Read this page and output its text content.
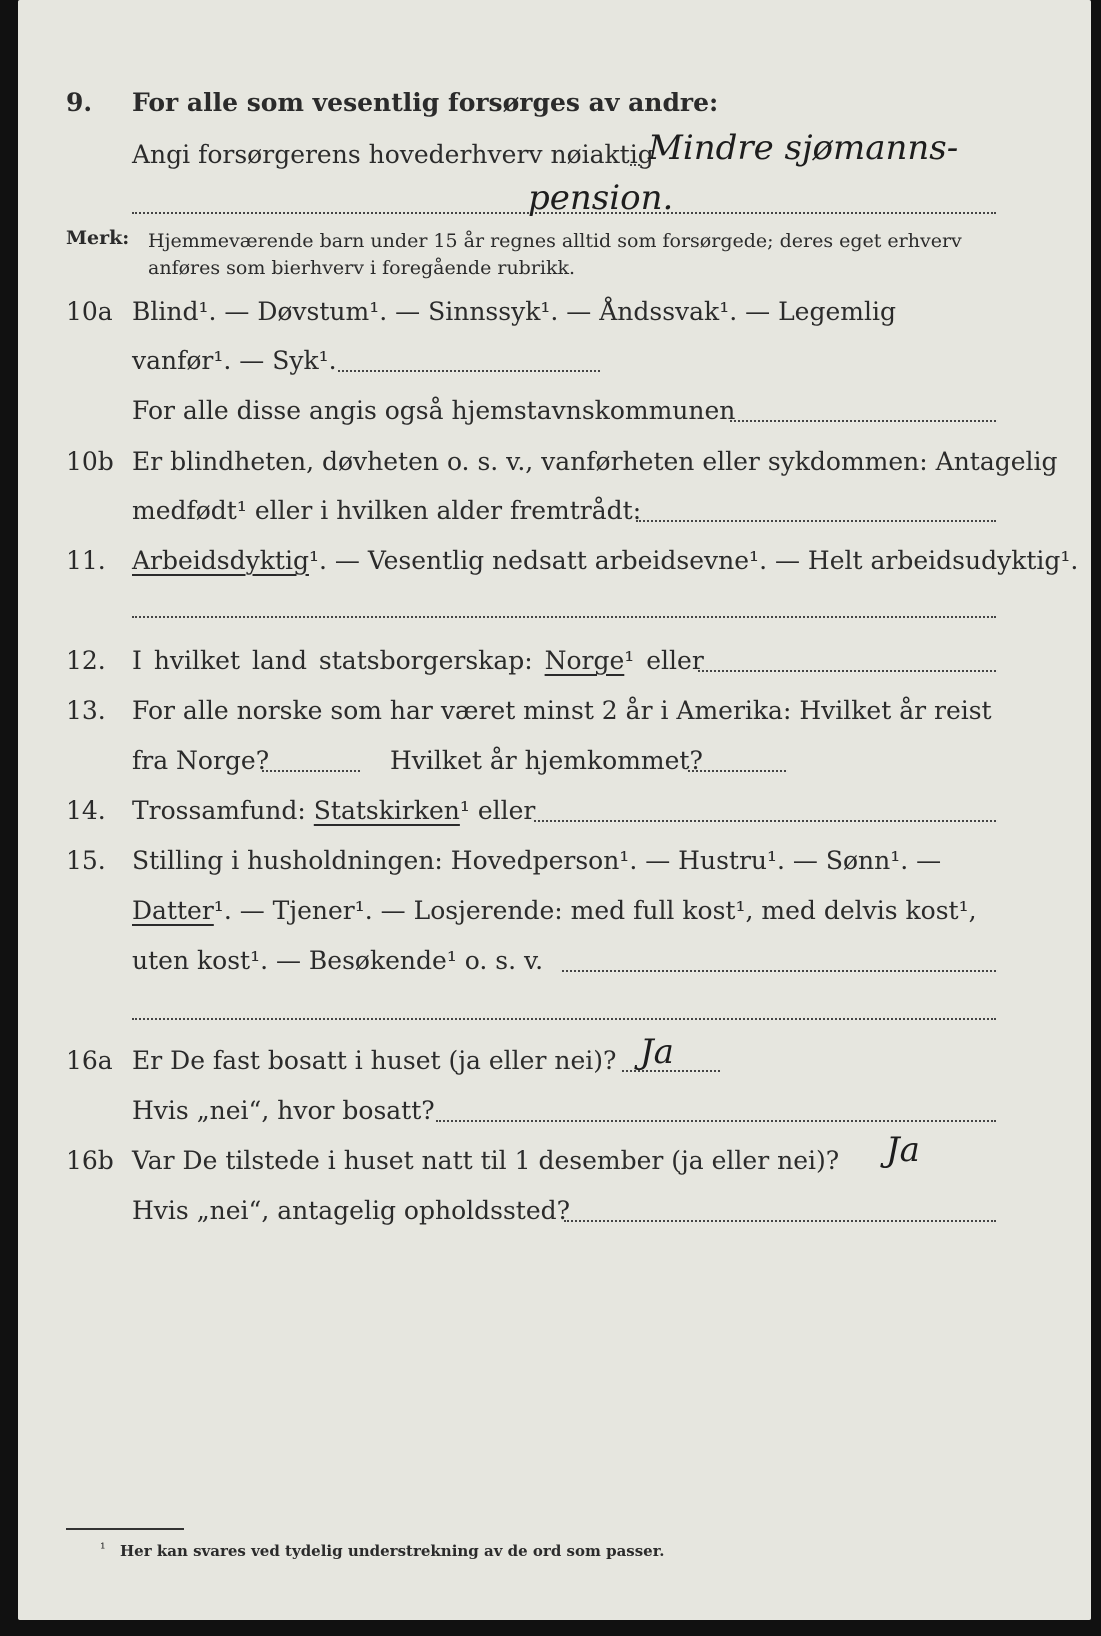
9. For alle som vesentlig forsørges av andre:
Angi forsørgerens hovederhverv nøiaktig
Mindre sjømanns-
pension.
Merk: Hjemmeværende barn under 15 år regnes alltid som forsørgede; deres eget erhverv
anføres som bierhverv i foregående rubrikk.
10a Blind¹. — Døvstum¹. — Sinnssyk¹. — Åndssvak¹. — Legemlig
vanfør¹. — Syk¹.
For alle disse angis også hjemstavnskommunen
10b Er blindheten, døvheten o. s. v., vanførheten eller sykdommen: Antagelig
medfødt¹ eller i hvilken alder fremtrådt:
11. Arbeidsdyktig¹. — Vesentlig nedsatt arbeidsevne¹. — Helt arbeidsudyktig¹.
12. I hvilket land statsborgerskap: Norge¹ eller
13. For alle norske som har været minst 2 år i Amerika: Hvilket år reist
fra Norge?	Hvilket år hjemkommet?
14. Trossamfund: Statskirken¹ eller
15. Stilling i husholdningen: Hovedperson¹. — Hustru¹. — Sønn¹. —
Datter¹. — Tjener¹. — Losjerende: med full kost¹, med delvis kost¹,
uten kost¹. — Besøkende¹ o. s. v.
16a Er De fast bosatt i huset (ja eller nei)? Ja
Hvis „nei“, hvor bosatt?
16b Var De tilstede i huset natt til 1 desember (ja eller nei)? Ja
Hvis „nei“, antagelig opholdssted?
¹ Her kan svares ved tydelig understrekning av de ord som passer.
